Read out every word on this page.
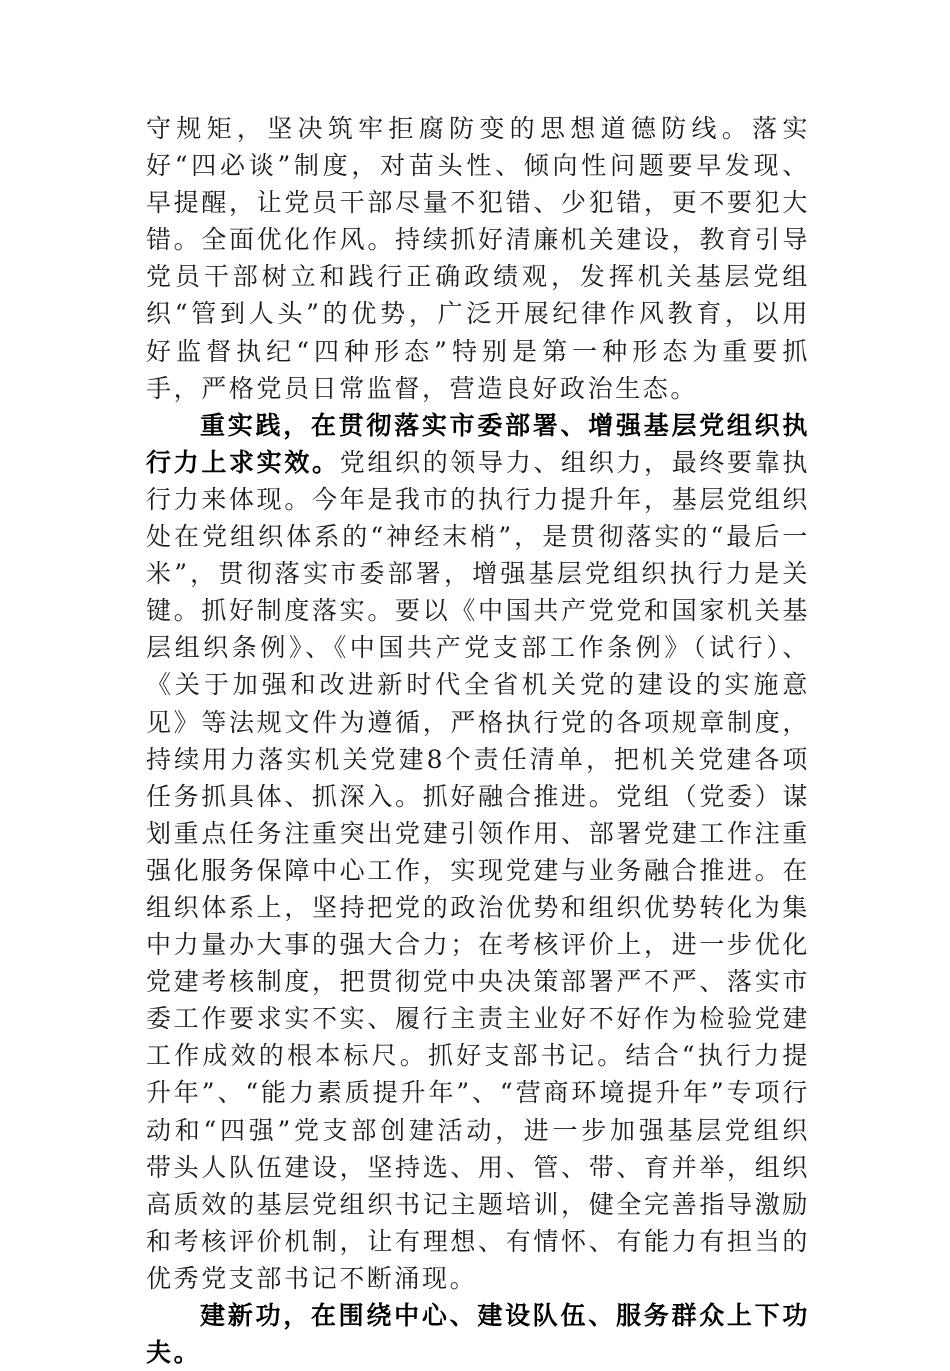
守规矩，坚决筑牢拒腐防变的思想道德防线。落实好“四必谈”制度，对苗头性、倾向性问题要早发现、早提醒，让党员干部尽量不犯错、少犯错，更不要犯大错。全面优化作风。持续抓好清廉机关建设，教育引导党员干部树立和践行正确政绩观，发挥机关基层党组织“管到人头”的优势，广泛开展纪律作风教育，以用好监督执纪“四种形态”特别是第一种形态为重要抓手，严格党员日常监督，营造良好政治生态。

重实践，在贯彻落实市委部署、增强基层党组织执行力上求实效。党组织的领导力、组织力，最终要靠执行力来体现。今年是我市的执行力提升年，基层党组织处在党组织体系的“神经末梢”，是贯彻落实的“最后一米”，贯彻落实市委部署，增强基层党组织执行力是关键。抓好制度落实。要以《中国共产党党和国家机关基层组织条例》、《中国共产党支部工作条例》（试行）、《关于加强和改进新时代全省机关党的建设的实施意见》等法规文件为遵循，严格执行党的各项规章制度，持续用力落实机关党建8个责任清单，把机关党建各项任务抓具体、抓深入。抓好融合推进。党组（党委）谋划重点任务注重突出党建引领作用、部署党建工作注重强化服务保障中心工作，实现党建与业务融合推进。在组织体系上，坚持把党的政治优势和组织优势转化为集中力量办大事的强大合力；在考核评价上，进一步优化党建考核制度，把贯彻党中央决策部署严不严、落实市委工作要求实不实、履行主责主业好不好作为检验党建工作成效的根本标尺。抓好支部书记。结合“执行力提升年”、“能力素质提升年”、“营商环境提升年”专项行动和“四强”党支部创建活动，进一步加强基层党组织带头人队伍建设，坚持选、用、管、带、育并举，组织高质效的基层党组织书记主题培训，健全完善指导激励和考核评价机制，让有理想、有情怀、有能力有担当的优秀党支部书记不断涌现。

建新功，在围绕中心、建设队伍、服务群众上下功夫。
